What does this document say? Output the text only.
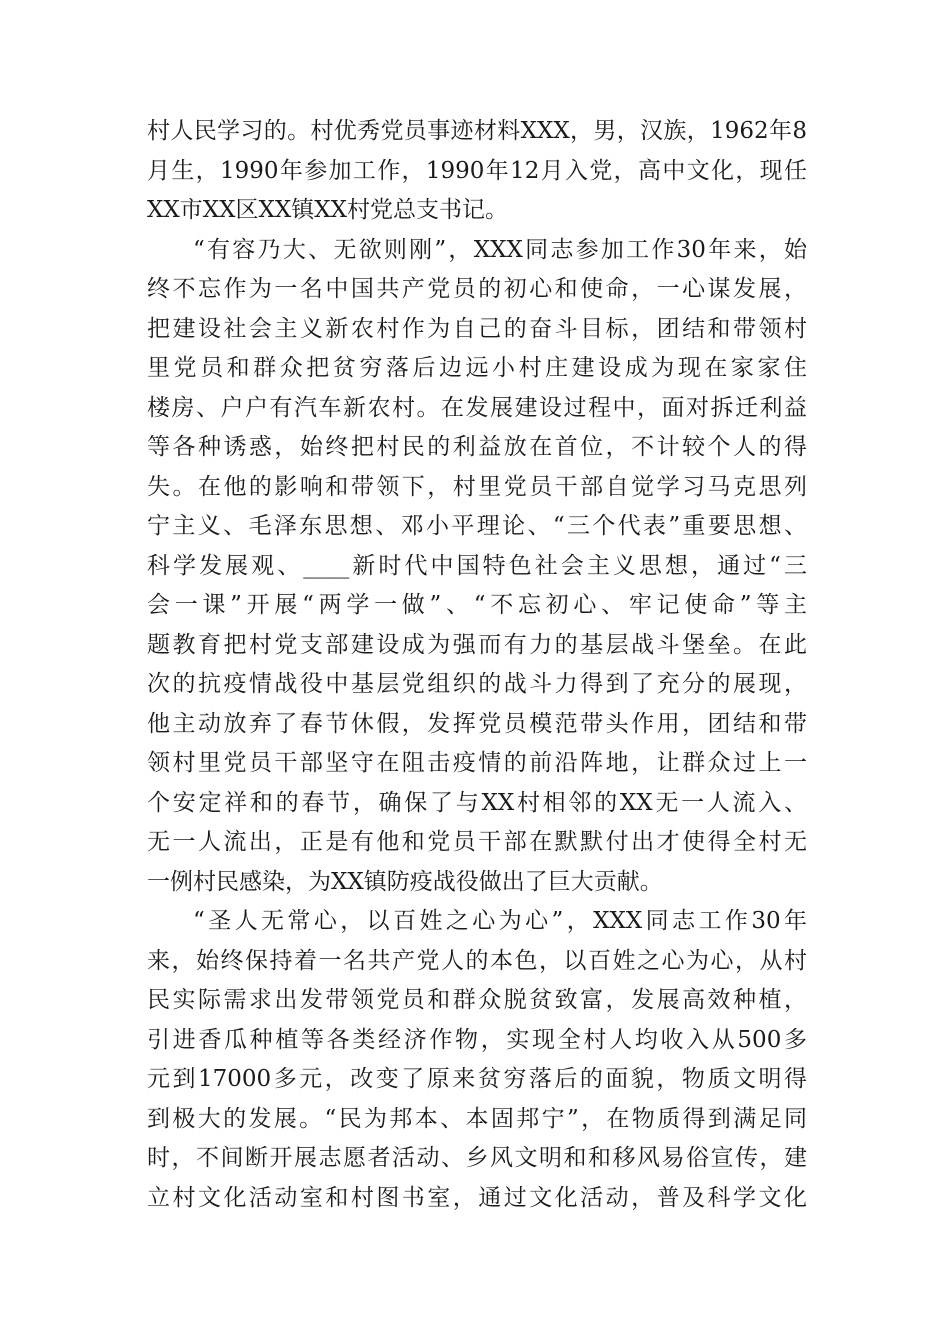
村人民学习的。村优秀党员事迹材料XXX，男，汉族，1962年8
月生，1990年参加工作，1990年12月入党，高中文化，现任
XX市XX区XX镇XX村党总支书记。
“有容乃大、无欲则刚”，XXX同志参加工作30年来，始
终不忘作为一名中国共产党员的初心和使命，一心谋发展，
把建设社会主义新农村作为自己的奋斗目标，团结和带领村
里党员和群众把贫穷落后边远小村庄建设成为现在家家住
楼房、户户有汽车新农村。在发展建设过程中，面对拆迁利益
等各种诱惑，始终把村民的利益放在首位，不计较个人的得
失。在他的影响和带领下，村里党员干部自觉学习马克思列
宁主义、毛泽东思想、邓小平理论、“三个代表”重要思想、
科学发展观、____新时代中国特色社会主义思想，通过“三
会一课”开展“两学一做”、“不忘初心、牢记使命”等主
题教育把村党支部建设成为强而有力的基层战斗堡垒。在此
次的抗疫情战役中基层党组织的战斗力得到了充分的展现，
他主动放弃了春节休假，发挥党员模范带头作用，团结和带
领村里党员干部坚守在阻击疫情的前沿阵地，让群众过上一
个安定祥和的春节，确保了与XX村相邻的XX无一人流入、
无一人流出，正是有他和党员干部在默默付出才使得全村无
一例村民感染，为XX镇防疫战役做出了巨大贡献。
“圣人无常心，以百姓之心为心”，XXX同志工作30年
来，始终保持着一名共产党人的本色，以百姓之心为心，从村
民实际需求出发带领党员和群众脱贫致富，发展高效种植，
引进香瓜种植等各类经济作物，实现全村人均收入从500多
元到17000多元，改变了原来贫穷落后的面貌，物质文明得
到极大的发展。“民为邦本、本固邦宁”，在物质得到满足同
时，不间断开展志愿者活动、乡风文明和和移风易俗宣传，建
立村文化活动室和村图书室，通过文化活动，普及科学文化
